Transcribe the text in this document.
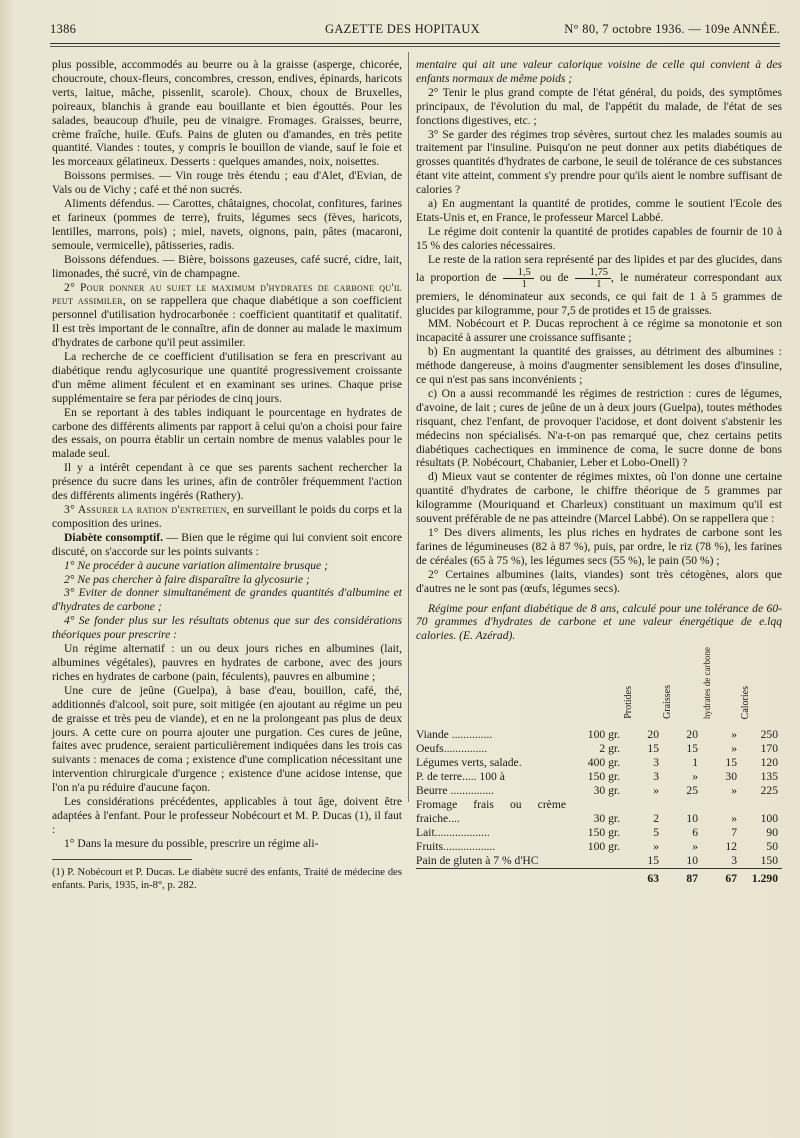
1386	GAZETTE DES HOPITAUX	N° 80, 7 octobre 1936. — 109e ANNÉE.

plus possible, accommodés au beurre ou à la graisse (asperge, chicorée, choucroute, choux-fleurs, concombres, cresson, endives, épinards, haricots verts, laitue, mâche, pissenlit, scarole). Choux, choux de Bruxelles, poireaux, blanchis à grande eau bouillante et bien égouttés. Pour les salades, beaucoup d'huile, peu de vinaigre. Fromages. Graisses, beurre, crème fraîche, huile. Œufs. Pains de gluten ou d'amandes, en très petite quantité. Viandes : toutes, y compris le bouillon de viande, sauf le foie et les morceaux gélatineux. Desserts : quelques amandes, noix, noisettes.

Boissons permises. — Vin rouge très étendu ; eau d'Alet, d'Evian, de Vals ou de Vichy ; café et thé non sucrés.

Aliments défendus. — Carottes, châtaignes, chocolat, confitures, farines et farineux (pommes de terre), fruits, légumes secs (fèves, haricots, lentilles, marrons, pois) ; miel, navets, oignons, pain, pâtes (macaroni, semoule, vermicelle), pâtisseries, radis.

Boissons défendues. — Bière, boissons gazeuses, café sucré, cidre, lait, limonades, thé sucré, vin de champagne.

2° Pour donner au sujet le maximum d'hydrates de carbone qu'il peut assimiler, on se rappellera que chaque diabétique a son coefficient personnel d'utilisation hydrocarbonée : coefficient quantitatif et qualitatif. Il est très important de le connaître, afin de donner au malade le maximum d'hydrates de carbone qu'il peut assimiler.

La recherche de ce coefficient d'utilisation se fera en prescrivant au diabétique rendu aglycosurique une quantité progressivement croissante d'un même aliment féculent et en examinant ses urines. Chaque prise supplémentaire se fera par périodes de cinq jours.

En se reportant à des tables indiquant le pourcentage en hydrates de carbone des différents aliments par rapport à celui qu'on a choisi pour faire des essais, on pourra établir un certain nombre de menus valables pour le malade seul.

Il y a intérêt cependant à ce que ses parents sachent rechercher la présence du sucre dans les urines, afin de contrôler fréquemment l'action des différents aliments ingérés (Rathery).

3° Assurer la ration d'entretien, en surveillant le poids du corps et la composition des urines.

Diabète consomptif. — Bien que le régime qui lui convient soit encore discuté, on s'accorde sur les points suivants :

1° Ne procéder à aucune variation alimentaire brusque ;

2° Ne pas chercher à faire disparaître la glycosurie ;

3° Eviter de donner simultanément de grandes quantités d'albumine et d'hydrates de carbone ;

4° Se fonder plus sur les résultats obtenus que sur des considérations théoriques pour prescrire :

Un régime alternatif : un ou deux jours riches en albumines (lait, albumines végétales), pauvres en hydrates de carbone, avec des jours riches en hydrates de carbone (pain, féculents), pauvres en albumine ;

Une cure de jeûne (Guelpa), à base d'eau, bouillon, café, thé, additionnés d'alcool, soit pure, soit mitigée (en ajoutant au régime un peu de graisse et très peu de viande), et en ne la prolongeant pas plus de deux jours. A cette cure on pourra ajouter une purgation. Ces cures de jeûne, faites avec prudence, seraient particulièrement indiquées dans les trois cas suivants : menaces de coma ; existence d'une complication nécessitant une intervention chirurgicale d'urgence ; existence d'une acidose intense, que l'on n'a pu réduire d'aucune façon.

Les considérations précédentes, applicables à tout âge, doivent être adaptées à l'enfant. Pour le professeur Nobécourt et M. P. Ducas (1), il faut :

1° Dans la mesure du possible, prescrire un régime ali-

(1) P. Nobécourt et P. Ducas. Le diabète sucré des enfants, Traité de médecine des enfants. Paris, 1935, in-8°, p. 282.

mentaire qui ait une valeur calorique voisine de celle qui convient à des enfants normaux de même poids ;

2° Tenir le plus grand compte de l'état général, du poids, des symptômes principaux, de l'évolution du mal, de l'appétit du malade, de l'état de ses fonctions digestives, etc. ;

3° Se garder des régimes trop sévères, surtout chez les malades soumis au traitement par l'insuline. Puisqu'on ne peut donner aux petits diabétiques de grosses quantités d'hydrates de carbone, le seuil de tolérance de ces substances étant vite atteint, comment s'y prendre pour qu'ils aient le nombre suffisant de calories ?

a) En augmentant la quantité de protides, comme le soutient l'Ecole des Etats-Unis et, en France, le professeur Marcel Labbé.

Le régime doit contenir la quantité de protides capables de fournir de 10 à 15 % des calories nécessaires.

Le reste de la ration sera représenté par des lipides et par des glucides, dans la proportion de $\frac{1,5}{1}$ ou de $\frac{1,75}{1}$ , le numérateur correspondant aux premiers, le dénominateur aux seconds, ce qui fait de 1 à 5 grammes de glucides par kilogramme, pour 7,5 de protides et 15 de graisses.

MM. Nobécourt et P. Ducas reprochent à ce régime sa monotonie et son incapacité à assurer une croissance suffisante ;

b) En augmentant la quantité des graisses, au détriment des albumines : méthode dangereuse, à moins d'augmenter sensiblement les doses d'insuline, ce qui n'est pas sans inconvénients ;

c) On a aussi recommandé les régimes de restriction : cures de légumes, d'avoine, de lait ; cures de jeûne de un à deux jours (Guelpa), toutes méthodes risquant, chez l'enfant, de provoquer l'acidose, et dont doivent s'abstenir les médecins non spécialisés. N'a-t-on pas remarqué que, chez certains petits diabétiques cachectiques en imminence de coma, le sucre donne de bons résultats (P. Nobécourt, Chabanier, Leber et Lobo-Onell) ?

d) Mieux vaut se contenter de régimes mixtes, où l'on donne une certaine quantité d'hydrates de carbone, le chiffre théorique de 5 grammes par kilogramme (Mouriquand et Charleux) constituant un maximum qu'il est souvent préférable de ne pas atteindre (Marcel Labbé). On se rappellera que :

1° Des divers aliments, les plus riches en hydrates de carbone sont les farines de légumineuses (82 à 87 %), puis, par ordre, le riz (78 %), les farines de céréales (65 à 75 %), les légumes secs (55 %), le pain (50 %) ;

2° Certaines albumines (laits, viandes) sont très cétogènes, alors que d'autres ne le sont pas (œufs, légumes secs).

Régime pour enfant diabétique de 8 ans, calculé pour une tolérance de 60-70 grammes d'hydrates de carbone et une valeur énergétique de e.lqq calories. (E. Azérad).

		Protides	Graisses	hydrates de carbone	Calories
Viande ..............	100 gr.	20	20	»	250
Oeufs...............	2 gr.	15	15	»	170
Légumes verts, salade.	400 gr.	3	1	15	120
P. de terre..... 100 à	150 gr.	3	»	30	135
Beurre ...............	30 gr.	»	25	»	225
Fromage frais ou crème fraiche....	30 gr.	2	10	»	100
Lait...................	150 gr.	5	6	7	90
Fruits..................	100 gr.	»	»	12	50
Pain de gluten à 7 % d'HC		15	10	3	150
		63	87	67	1.290
